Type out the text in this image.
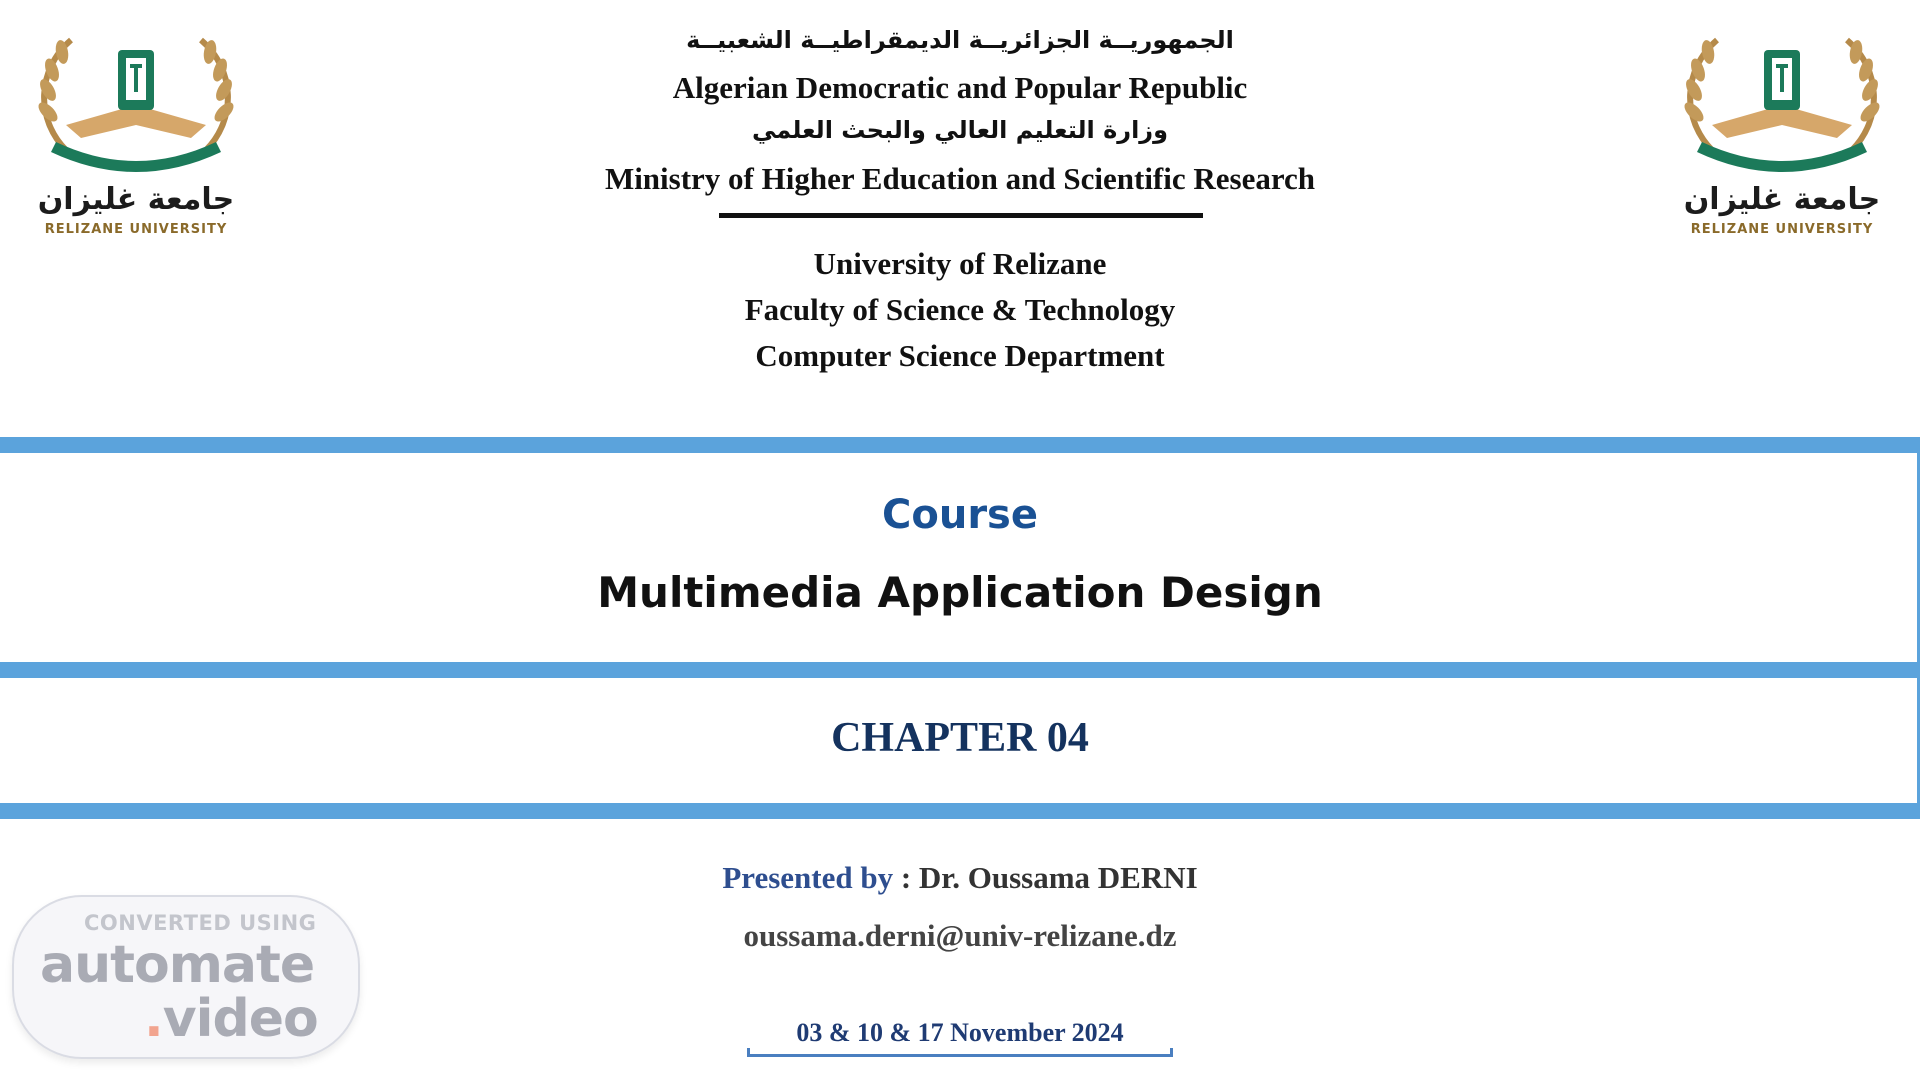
جامعة غليزان
RELIZANE UNIVERSITY
جامعة غليزان
RELIZANE UNIVERSITY
الجمهوريــة الجزائريــة الديمقراطيــة الشعبيــة
Algerian Democratic and Popular Republic
وزارة التعليم العالي والبحث العلمي
Ministry of Higher Education and Scientific Research
University of Relizane
Faculty of Science & Technology
Computer Science Department
Course
Multimedia Application Design
CHAPTER 04
Presented by : Dr. Oussama DERNI
oussama.derni@univ-relizane.dz
03 & 10 & 17 November 2024
CONVERTED USING
automate
.video
